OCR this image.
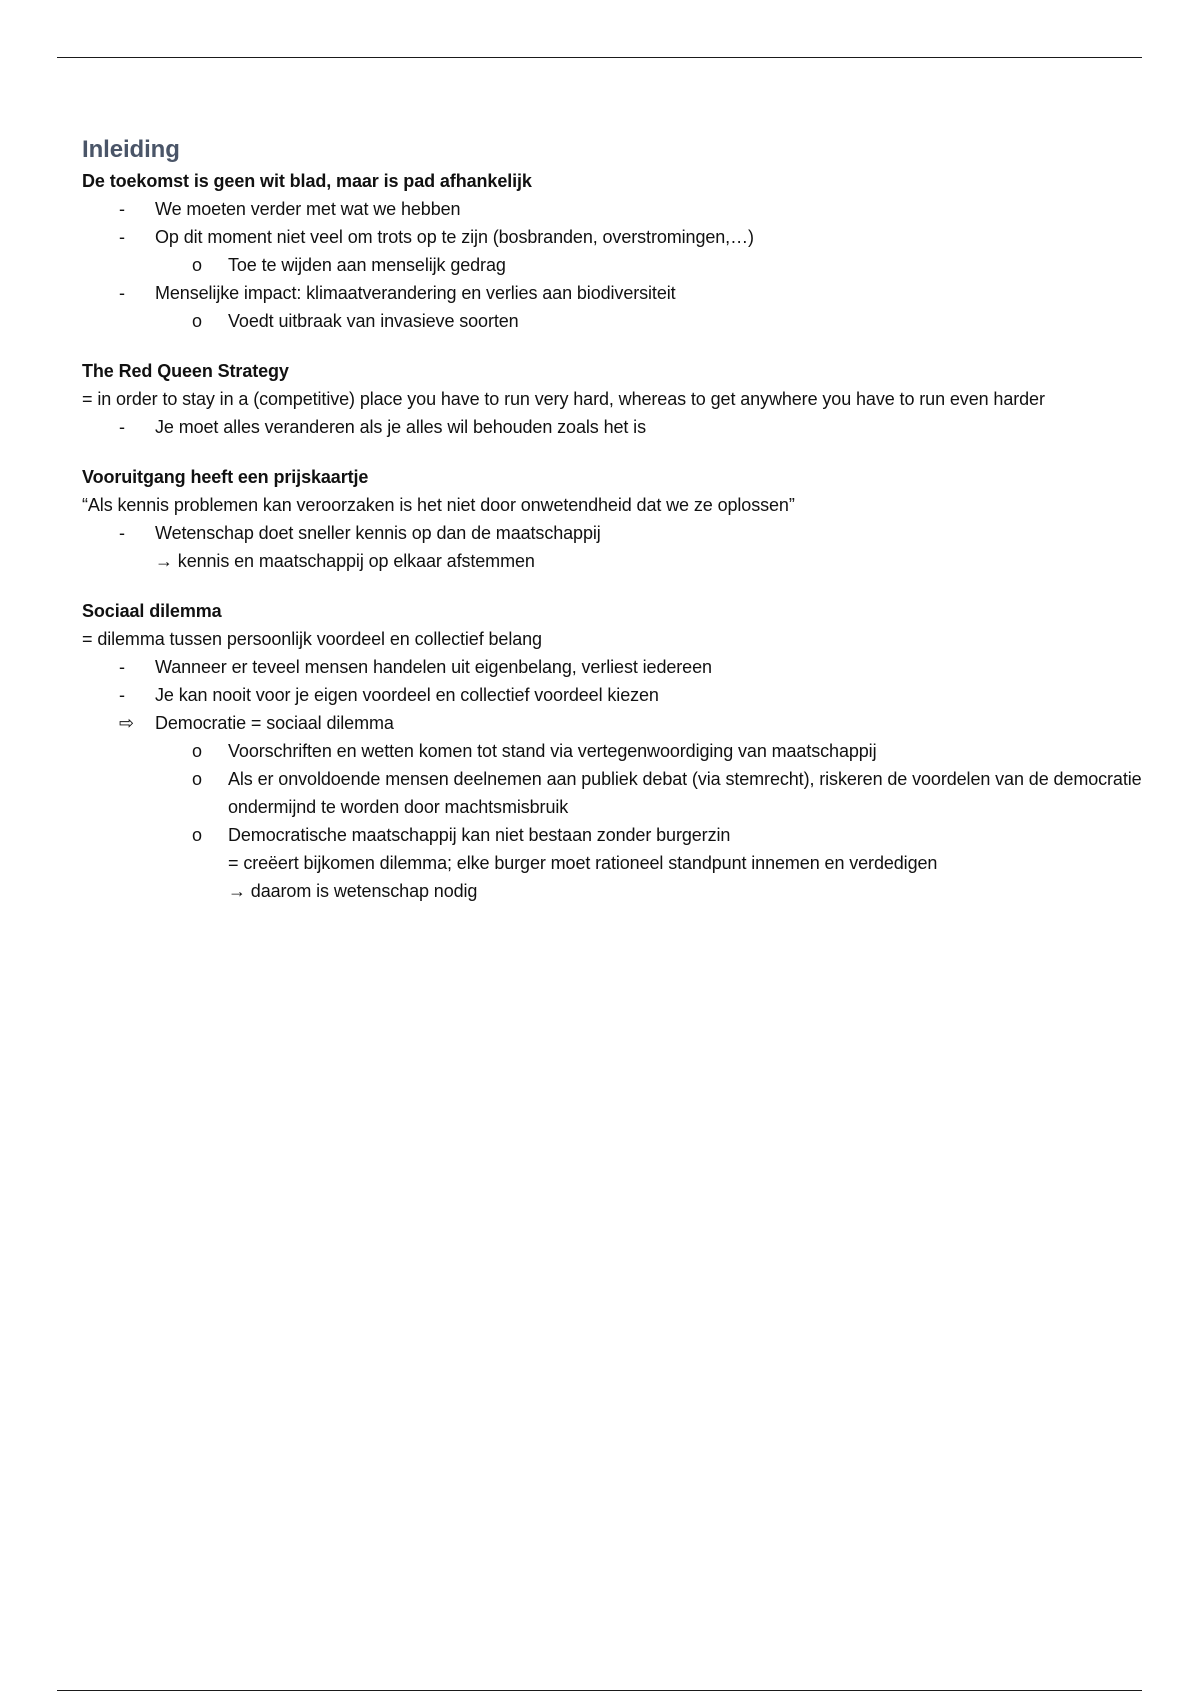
Inleiding

De toekomst is geen wit blad, maar is pad afhankelijk

-	We moeten verder met wat we hebben
-	Op dit moment niet veel om trots op te zijn (bosbranden, overstromingen,…)
o	Toe te wijden aan menselijk gedrag
-	Menselijke impact: klimaatverandering en verlies aan biodiversiteit
o	Voedt uitbraak van invasieve soorten

The Red Queen Strategy

= in order to stay in a (competitive) place you have to run very hard, whereas to get anywhere you have to run even harder

-	Je moet alles veranderen als je alles wil behouden zoals het is

Vooruitgang heeft een prijskaartje

“Als kennis problemen kan veroorzaken is het niet door onwetendheid dat we ze oplossen”

-	Wetenschap doet sneller kennis op dan de maatschappij
→ kennis en maatschappij op elkaar afstemmen

Sociaal dilemma

= dilemma tussen persoonlijk voordeel en collectief belang

-	Wanneer er teveel mensen handelen uit eigenbelang, verliest iedereen
-	Je kan nooit voor je eigen voordeel en collectief voordeel kiezen
⇨ Democratie = sociaal dilemma
o	Voorschriften en wetten komen tot stand via vertegenwoordiging van maatschappij
o	Als er onvoldoende mensen deelnemen aan publiek debat (via stemrecht), riskeren de voordelen van de democratie ondermijnd te worden door machtsmisbruik
o	Democratische maatschappij kan niet bestaan zonder burgerzin
= creëert bijkomen dilemma; elke burger moet rationeel standpunt innemen en verdedigen
→ daarom is wetenschap nodig
